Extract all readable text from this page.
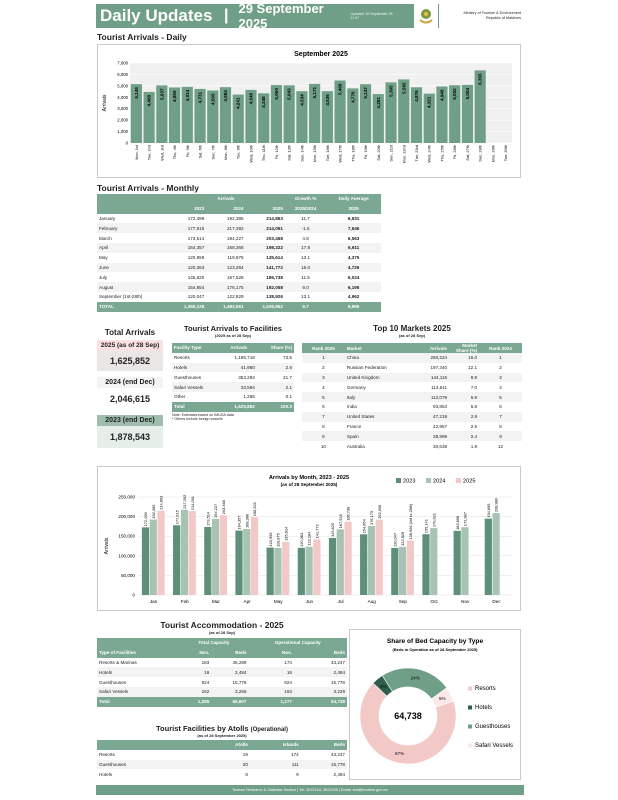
Daily Updates | 29 September 2025
Updated: 30 September 25 11:47
Ministry of Tourism & Environment
Republic of Maldives
Tourist Arrivals - Daily
September 2025
0
1,000
2,000
3,000
4,000
5,000
6,000
7,000
Arrivals
5,148
Mon, 1st
4,468
Tue, 2nd
5,037
Wed, 3rd
4,859
Thu, 4th
4,914
Fri, 5th
4,731
Sat, 6th
4,595
Sun, 7th
4,884
Mon, 8th
4,241
Tue, 9th
4,648
Wed, 10th
4,348
Thu, 11th
5,069
Fri, 12th
5,043
Sat, 13th
4,534
Sun, 14th
5,171
Mon, 15th
4,536
Tue, 16th
5,468
Wed, 17th
4,778
Thu, 18th
5,147
Fri, 19th
4,281
Sat, 20th
5,305
Sun, 21st
5,565
Mon, 22nd
4,876
Tue, 23rd
4,321
Wed, 24th
4,948
Thu, 25th
5,052
Fri, 26th
5,084
Sat, 27th
6,355
Sun, 28th Mon, 29th Tue, 30th
Tourist Arrivals - Monthly
	Arrivals			Growth %	Daily Average
	2023	2024	2025	2025/2024	2025
January	172,499	192,385	214,863	11.7	6,931
February	177,915	217,392	214,091	-1.5	7,646
March	173,514	194,227	203,468	4.8	6,563
April	164,357	168,366	198,322	17.8	6,611
May	120,959	119,875	135,614	13.1	4,375
June	120,363	123,284	141,772	15.0	4,726
July	145,620	167,528	186,738	11.5	6,024
August	154,854	176,175	192,058	9.0	6,195
September (1st-28th)	120,047	122,829	138,926	13.1	4,962
TOTAL	1,350,128	1,482,061	1,625,852	9.7	5,995
Total Arrivals
2025 (as of 28 Sep)
1,625,852
2024 (end Dec)
2,046,615
2023 (end Dec)
1,878,543
Tourist Arrivals to Facilities
(2025 as of 28 Sep)
Facility Type	Arrivals	Share (%)
Resorts	1,195,718	73.5
Hotels	41,980	2.6
Guesthouses	353,293	21.7
Safari Vessels	33,594	2.1
Other	1,266	0.1
Total	1,625,852	100.0
Note: Estimates based on IMUGA data
* Others include foreign vessels
Top 10 Markets 2025
(as of 28 Sep)
Rank 2025	Market	Arrivals	Market Share (%)	Rank 2024
1	China	260,224	16.0	1
2	Russian Federation	197,340	12.1	2
3	United Kingdom	144,116	8.9	3
4	Germany	113,511	7.0	4
5	Italy	112,079	6.9	5
6	India	93,853	5.8	6
7	United States	47,219	2.9	7
8	France	42,957	2.6	8
9	Spain	38,999	2.4	9
10	Australia	30,638	1.9	12
Arrivals by Month, 2023 - 2025
(as of 28 September 2025)	2023	2024	2025
0
50,000
100,000
150,000
200,000
250,000
Arrivals
172,499
192,385
214,863
Jan
177,915
217,392 214,091
Feb
173,514
194,227 203,468
Mar
164,357 168,366
198,322
Apr
120,959 119,875 135,614
May
120,363 123,284
141,772
Jun
145,620
167,528
186,738
Jul
154,854
176,175 192,058
Aug
120,047 122,829 138,926 (1st to 28th)
Sep
155,141 170,621
Oct
163,658 172,987
Nov
194,695 208,980
Dec
Tourist Accommodation - 2025
(as of 28 Sep)
	Total Capacity		Operational Capacity	
Type of Facilities	Nos.	Beds	Nos.	Beds
Resorts & Marinas	183	45,289	174	43,247
Hotels	16	2,484	16	2,484
Guesthouses	924	15,778	924	15,778
Safari Vessels	162	3,256	163	3,229
Total	1,285	66,807	1,277	64,738
Tourist Facilities by Atolls (Operational)
(as of 28 September 2025)
	Atolls	Islands	Beds
Resorts	19	174	43,247
Guesthouses	20	111	15,778
Hotels	8	9	2,484
Share of Bed Capacity by Type
(Beds in Operation as of 28 September 2025)
67%
4%
24%
5%
64,738
Resorts
Hotels
Guesthouses
Safari Vessels
Tourism Research & Statistics Section | Tel: 3022216, 3022250 | Email: stat@tourism.gov.mv
